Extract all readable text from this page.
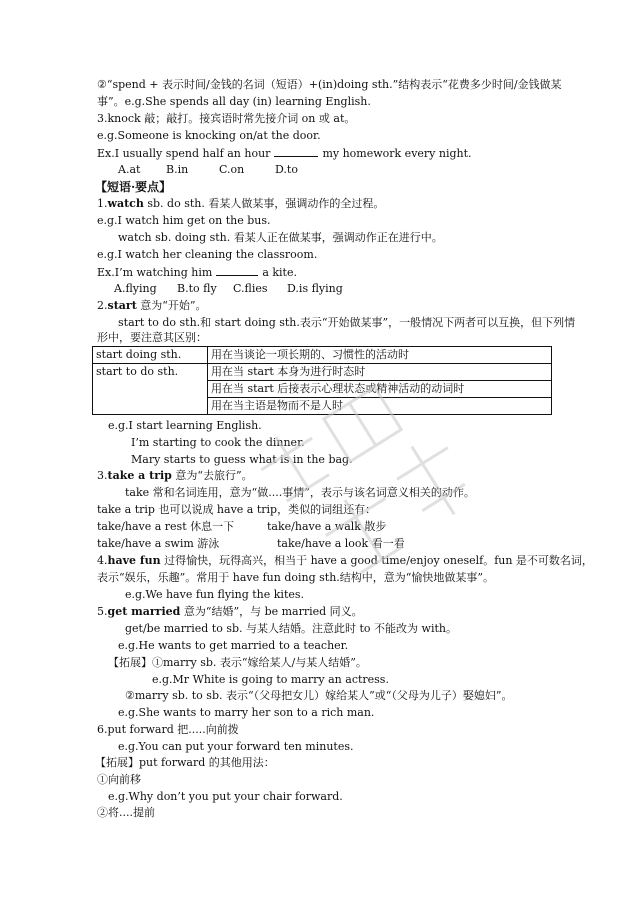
②“spend + 表示时间/金钱的名词（短语）+(in)doing sth.”结构表示“花费多少时间/金钱做某
事”。e.g.She spends all day (in) learning English.
3.knock 敲；敲打。接宾语时常先接介词 on 或 at。
e.g.Someone is knocking on/at the door.
Ex.I usually spend half an hour	my homework every night.
A.at B.in	C.on	D.to
【短语·要点】
1.watch sb. do sth. 看某人做某事，强调动作的全过程。
e.g.I watch him get on the bus.
watch sb. doing sth. 看某人正在做某事，强调动作正在进行中。
e.g.I watch her cleaning the classroom.
Ex.I’m watching him	a kite.
A.flying B.to fly C.flies D.is flying
2.start 意为“开始”。
start to do sth.和 start doing sth.表示“开始做某事”，一般情况下两者可以互换，但下列情
形中，要注意其区别：
start doing sth.	用在当谈论一项长期的、习惯性的活动时
start to do sth.	用在当 start 本身为进行时态时
	用在当 start 后接表示心理状态或精神活动的动词时
	用在当主语是物而不是人时
e.g.I start learning English.
I’m starting to cook the dinner.
Mary starts to guess what is in the bag.
3.take a trip 意为“去旅行”。
take 常和名词连用，意为“做....事情”，表示与该名词意义相关的动作。
take a trip 也可以说成 have a trip，类似的词组还有：
take/have a rest 休息一下	take/have a walk 散步
take/have a swim 游泳	take/have a look 看一看
4.have fun 过得愉快，玩得高兴，相当于 have a good time/enjoy oneself。fun 是不可数名词，
表示“娱乐，乐趣”。常用于 have fun doing sth.结构中，意为“愉快地做某事”。
e.g.We have fun flying the kites.
5.get married 意为“结婚”，与 be married 同义。
get/be married to sb. 与某人结婚。注意此时 to 不能改为 with。
e.g.He wants to get married to a teacher.
【拓展】①marry sb. 表示“嫁给某人/与某人结婚”。
e.g.Mr White is going to marry an actress.
②marry sb. to sb. 表示“（父母把女儿）嫁给某人”或“（父母为儿子）娶媳妇”。
e.g.She wants to marry her son to a rich man.
6.put forward 把.....向前拨
e.g.You can put your forward ten minutes.
【拓展】put forward 的其他用法：
①向前移
e.g.Why don’t you put your chair forward.
②将....提前
